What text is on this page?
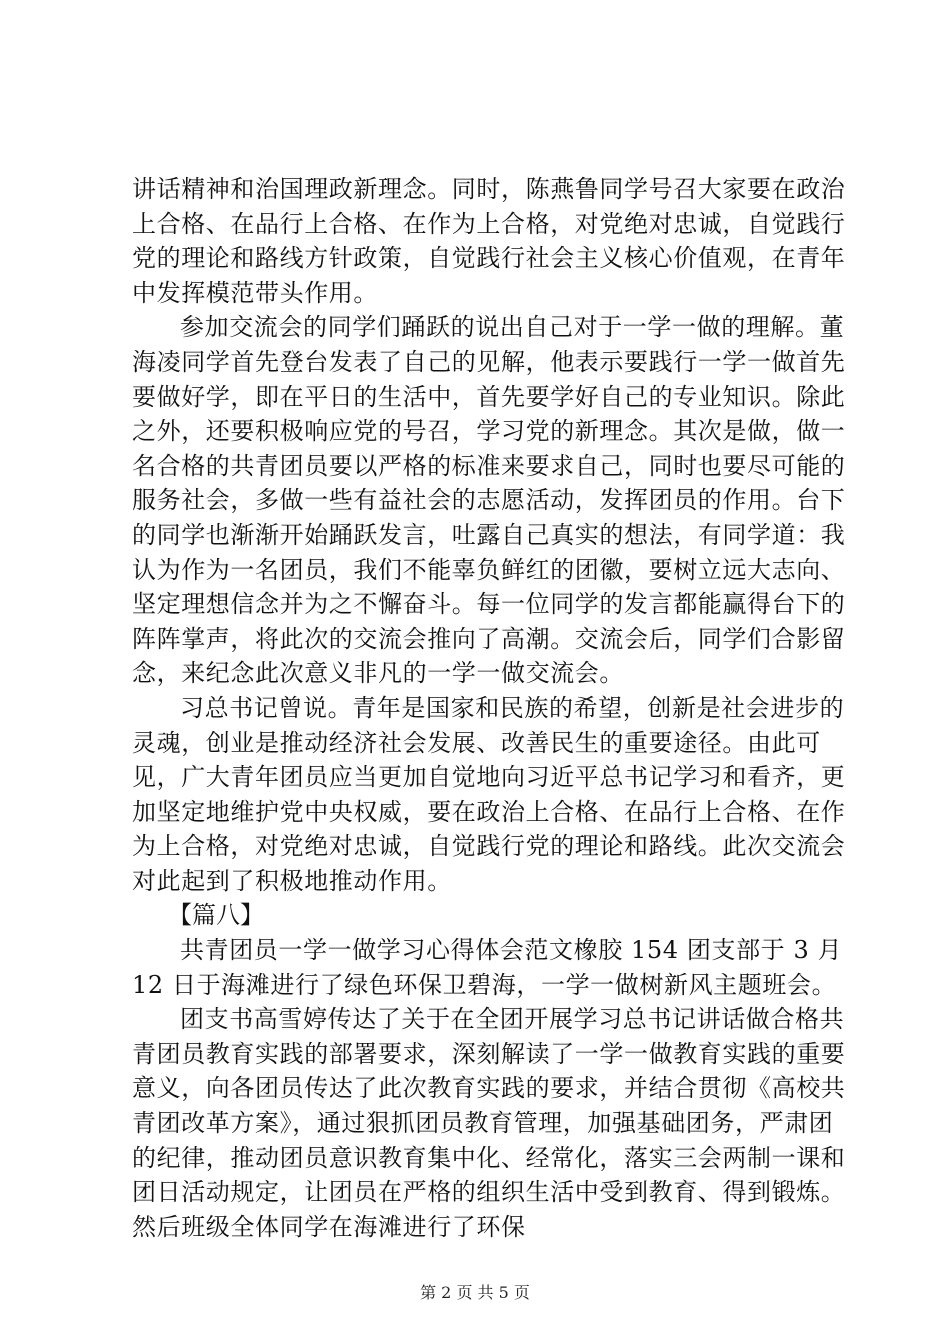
讲话精神和治国理政新理念。同时，陈燕鲁同学号召大家要在政治上合格、在品行上合格、在作为上合格，对党绝对忠诚，自觉践行党的理论和路线方针政策，自觉践行社会主义核心价值观，在青年中发挥模范带头作用。

参加交流会的同学们踊跃的说出自己对于一学一做的理解。董海凌同学首先登台发表了自己的见解，他表示要践行一学一做首先要做好学，即在平日的生活中，首先要学好自己的专业知识。除此之外，还要积极响应党的号召，学习党的新理念。其次是做，做一名合格的共青团员要以严格的标准来要求自己，同时也要尽可能的服务社会，多做一些有益社会的志愿活动，发挥团员的作用。台下的同学也渐渐开始踊跃发言，吐露自己真实的想法，有同学道：我认为作为一名团员，我们不能辜负鲜红的团徽，要树立远大志向、坚定理想信念并为之不懈奋斗。每一位同学的发言都能赢得台下的阵阵掌声，将此次的交流会推向了高潮。交流会后，同学们合影留念，来纪念此次意义非凡的一学一做交流会。

习总书记曾说。青年是国家和民族的希望，创新是社会进步的灵魂，创业是推动经济社会发展、改善民生的重要途径。由此可见，广大青年团员应当更加自觉地向习近平总书记学习和看齐，更加坚定地维护党中央权威，要在政治上合格、在品行上合格、在作为上合格，对党绝对忠诚，自觉践行党的理论和路线。此次交流会对此起到了积极地推动作用。

【篇八】

共青团员一学一做学习心得体会范文橡胶 154 团支部于 3 月 12 日于海滩进行了绿色环保卫碧海，一学一做树新风主题班会。

团支书高雪婷传达了关于在全团开展学习总书记讲话做合格共青团员教育实践的部署要求，深刻解读了一学一做教育实践的重要意义，向各团员传达了此次教育实践的要求，并结合贯彻《高校共青团改革方案》，通过狠抓团员教育管理，加强基础团务，严肃团的纪律，推动团员意识教育集中化、经常化，落实三会两制一课和团日活动规定，让团员在严格的组织生活中受到教育、得到锻炼。然后班级全体同学在海滩进行了环保

第 2 页 共 5 页
